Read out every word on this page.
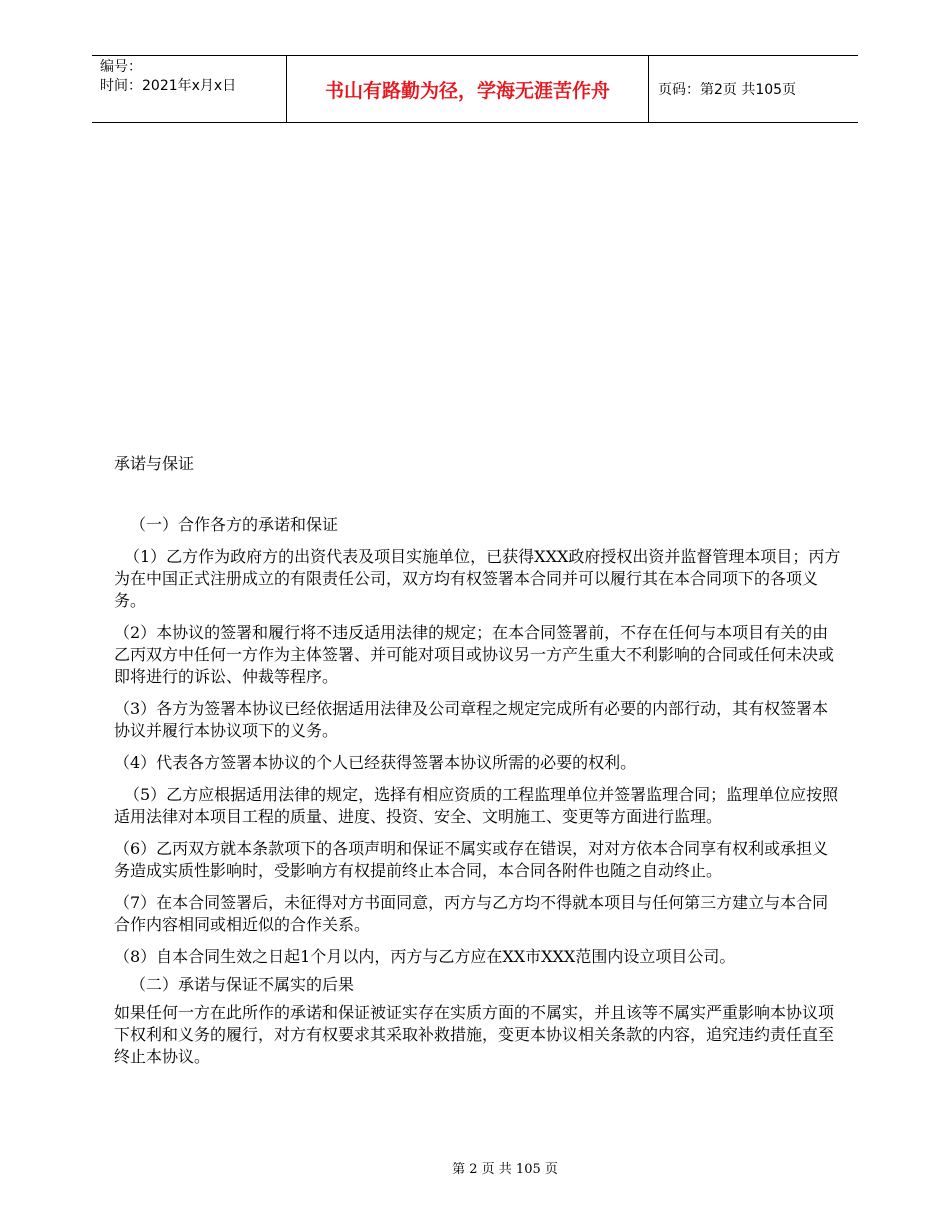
编号：
时间：2021年x月x日	书山有路勤为径，学海无涯苦作舟	页码：第2页 共105页
承诺与保证

（一）合作各方的承诺和保证

（1）乙方作为政府方的出资代表及项目实施单位，已获得XXX政府授权出资并监督管理本项目；丙方为在中国正式注册成立的有限责任公司，双方均有权签署本合同并可以履行其在本合同项下的各项义务。

（2）本协议的签署和履行将不违反适用法律的规定；在本合同签署前，不存在任何与本项目有关的由乙丙双方中任何一方作为主体签署、并可能对项目或协议另一方产生重大不利影响的合同或任何未决或即将进行的诉讼、仲裁等程序。

（3）各方为签署本协议已经依据适用法律及公司章程之规定完成所有必要的内部行动，其有权签署本协议并履行本协议项下的义务。

（4）代表各方签署本协议的个人已经获得签署本协议所需的必要的权利。

（5）乙方应根据适用法律的规定，选择有相应资质的工程监理单位并签署监理合同；监理单位应按照适用法律对本项目工程的质量、进度、投资、安全、文明施工、变更等方面进行监理。

（6）乙丙双方就本条款项下的各项声明和保证不属实或存在错误，对对方依本合同享有权利或承担义务造成实质性影响时，受影响方有权提前终止本合同，本合同各附件也随之自动终止。

（7）在本合同签署后，未征得对方书面同意，丙方与乙方均不得就本项目与任何第三方建立与本合同合作内容相同或相近似的合作关系。

（8）自本合同生效之日起1个月以内，丙方与乙方应在XX市XXX范围内设立项目公司。

（二）承诺与保证不属实的后果

如果任何一方在此所作的承诺和保证被证实存在实质方面的不属实，并且该等不属实严重影响本协议项下权利和义务的履行，对方有权要求其采取补救措施，变更本协议相关条款的内容，追究违约责任直至终止本协议。

第 2 页 共 105 页
